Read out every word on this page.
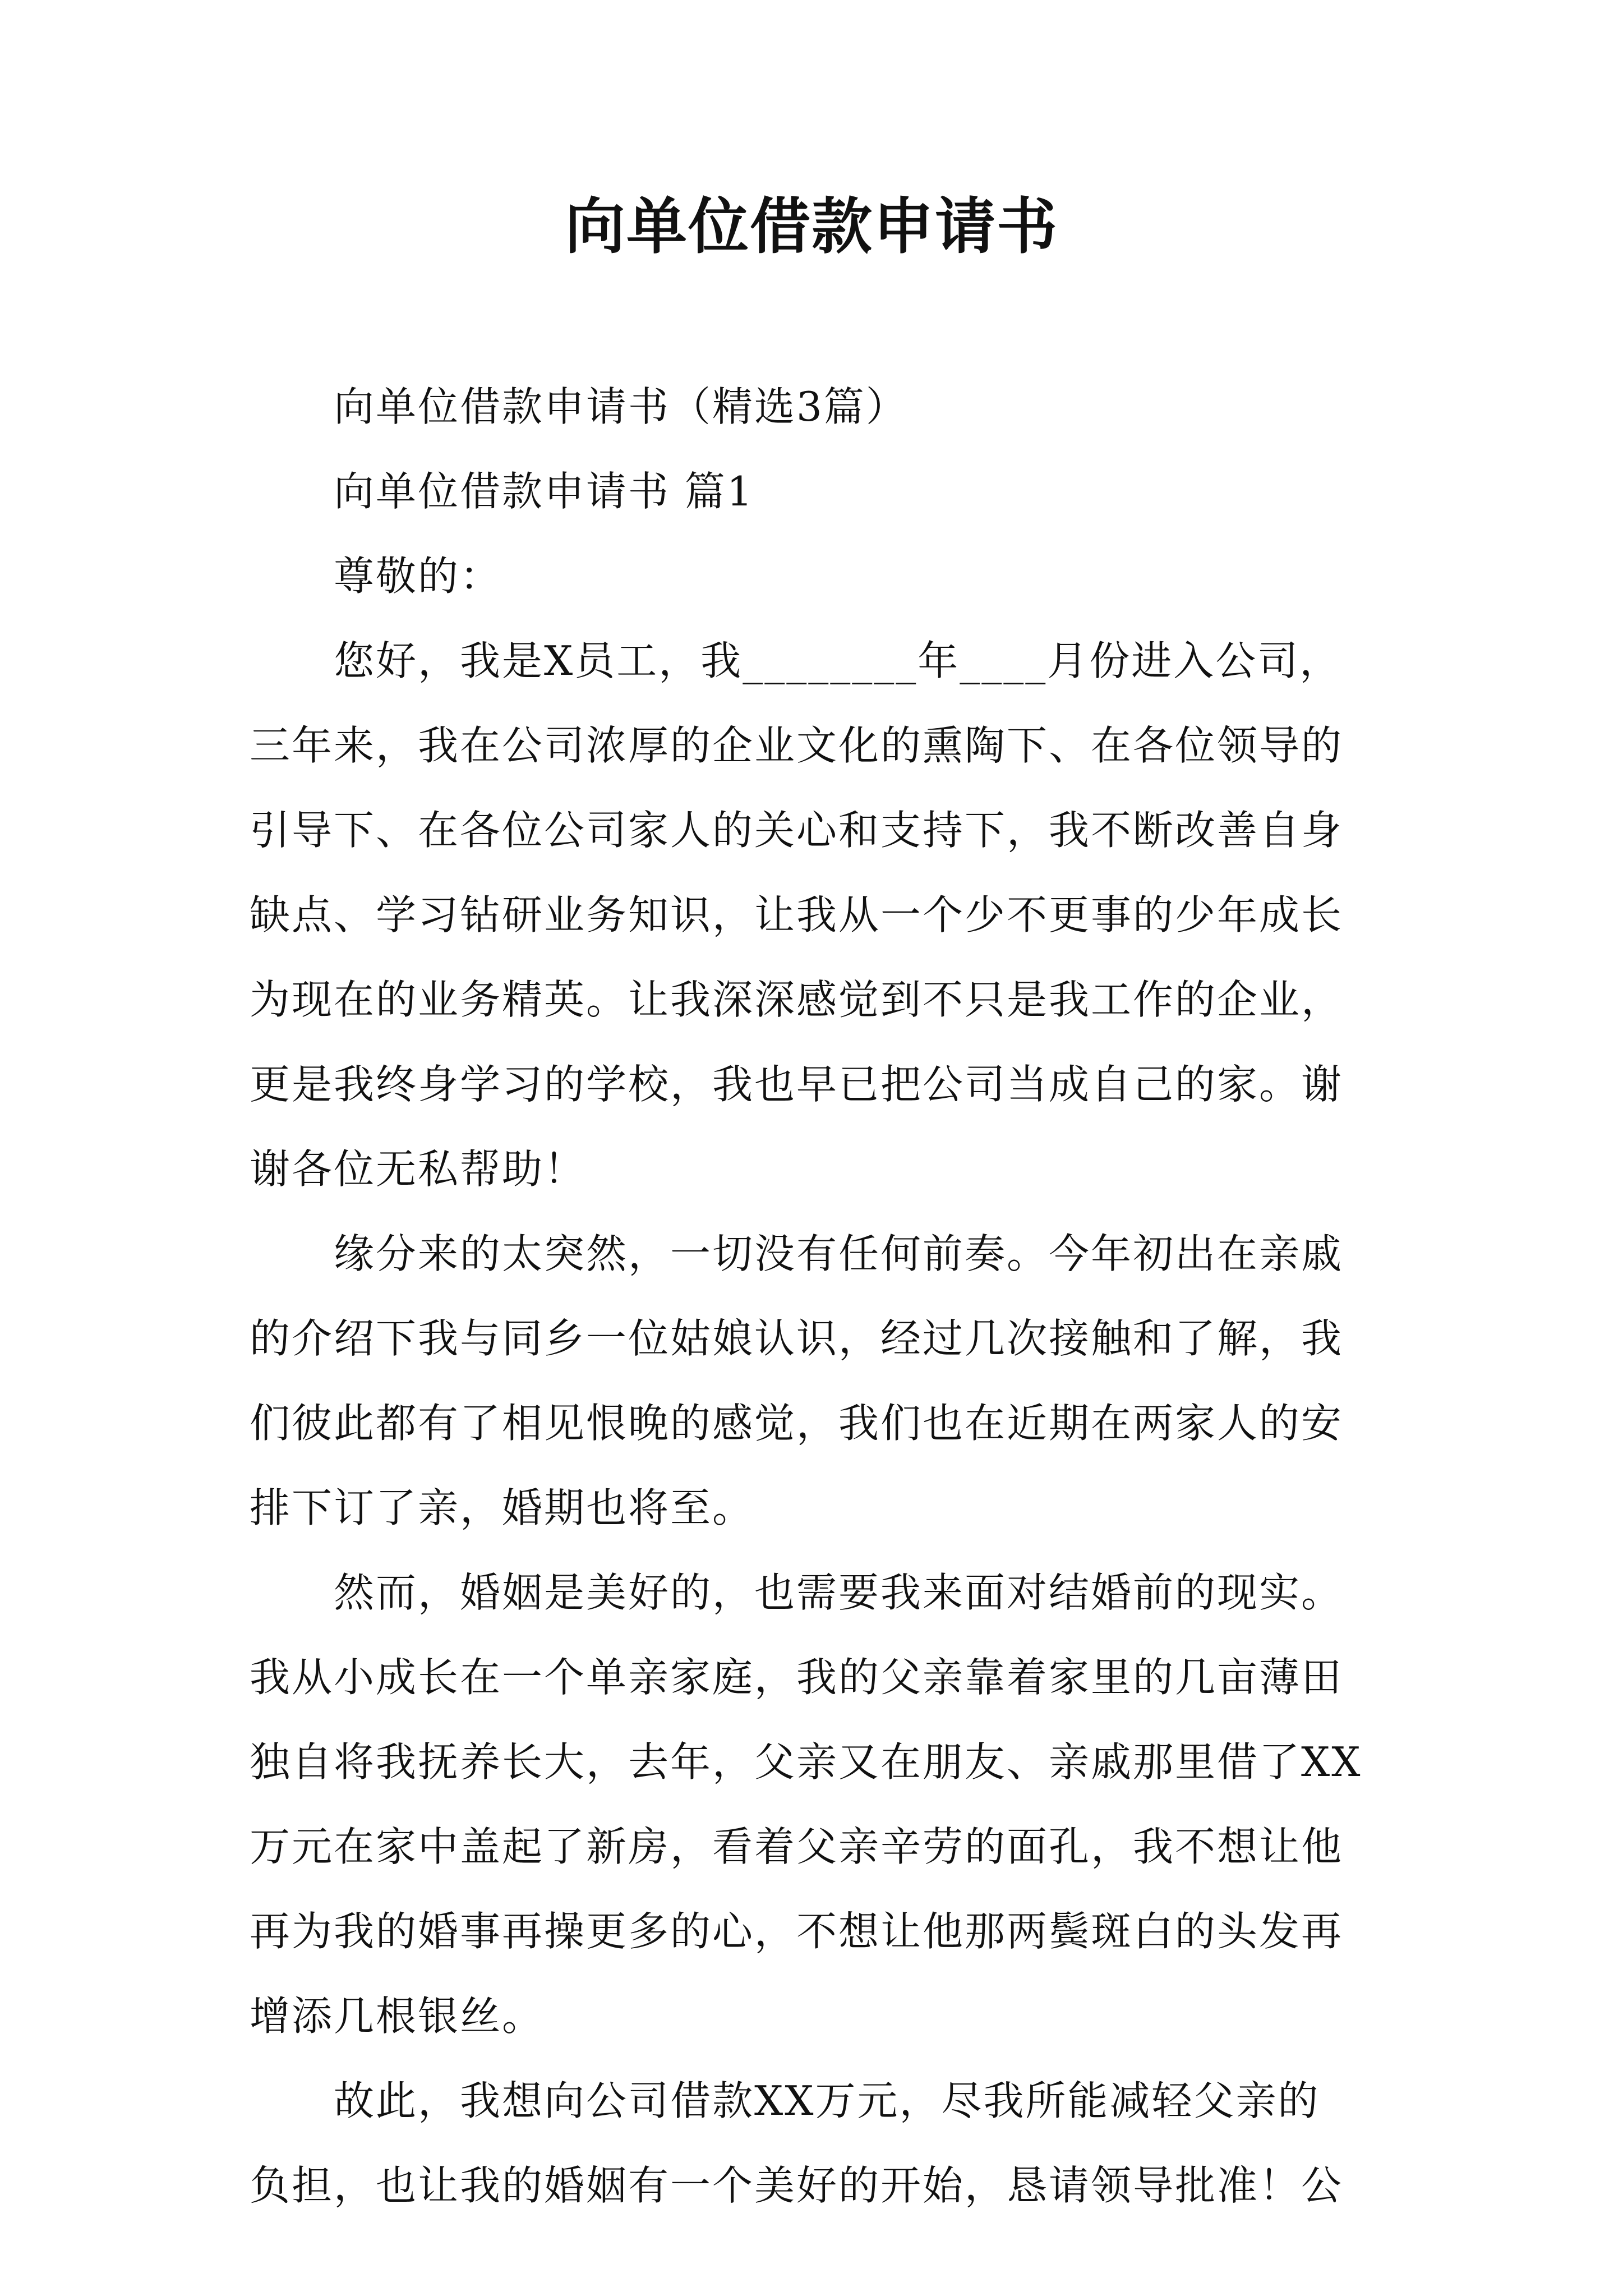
向单位借款申请书
向单位借款申请书（精选3篇）
向单位借款申请书 篇1
尊敬的：
您好，我是X员工，我________年____月份进入公司，
三年来，我在公司浓厚的企业文化的熏陶下、在各位领导的
引导下、在各位公司家人的关心和支持下，我不断改善自身
缺点、学习钻研业务知识，让我从一个少不更事的少年成长
为现在的业务精英。让我深深感觉到不只是我工作的企业，
更是我终身学习的学校，我也早已把公司当成自己的家。谢
谢各位无私帮助！
缘分来的太突然，一切没有任何前奏。今年初出在亲戚
的介绍下我与同乡一位姑娘认识，经过几次接触和了解，我
们彼此都有了相见恨晚的感觉，我们也在近期在两家人的安
排下订了亲，婚期也将至。
然而，婚姻是美好的，也需要我来面对结婚前的现实。
我从小成长在一个单亲家庭，我的父亲靠着家里的几亩薄田
独自将我抚养长大，去年，父亲又在朋友、亲戚那里借了XX
万元在家中盖起了新房，看着父亲辛劳的面孔，我不想让他
再为我的婚事再操更多的心，不想让他那两鬓斑白的头发再
增添几根银丝。
故此，我想向公司借款XX万元，尽我所能减轻父亲的
负担，也让我的婚姻有一个美好的开始，恳请领导批准！公
